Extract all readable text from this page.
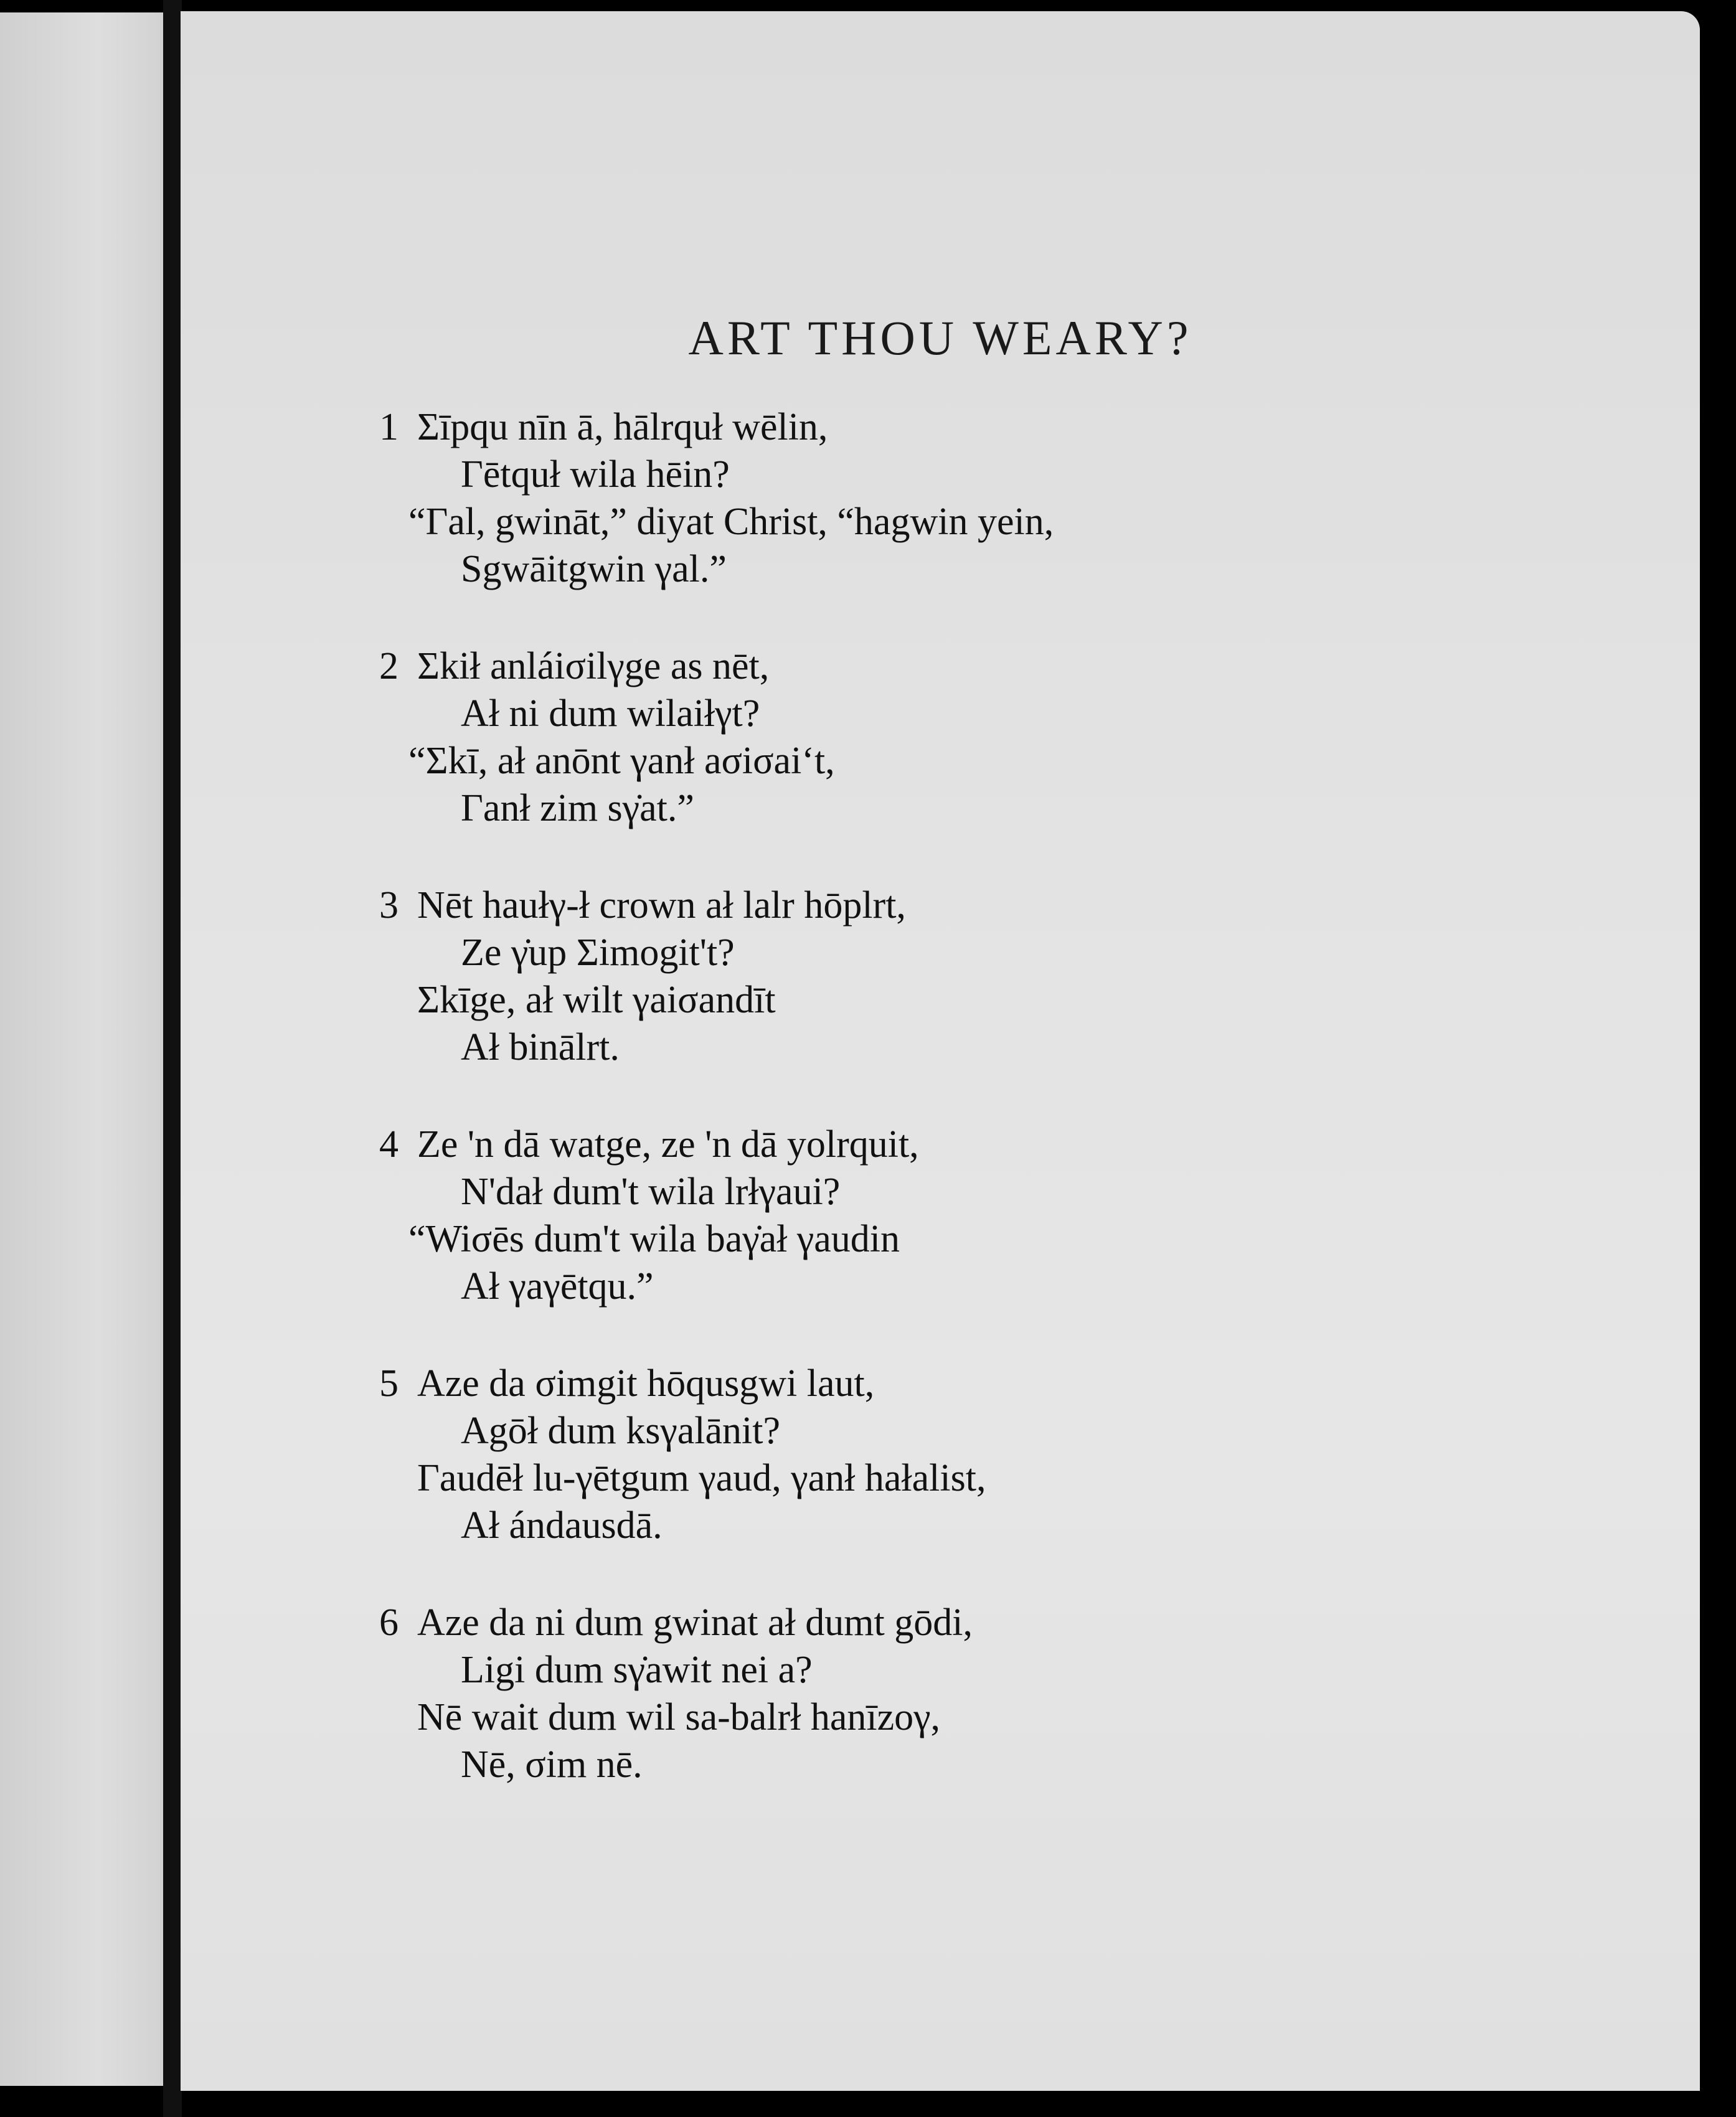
ART THOU WEARY?
1 Σīpqu nīn ā, hālrquł wēlin,
Γētquł wila hēin?
“Γal, gwināt,” diyat Christ, “hagwin yein,
Sgwāitgwin γal.”
2 Σkił anláiσilγge as nēt,
Ał ni dum wilaiłγt?
“Σkī, ał anōnt γanł aσiσai‘t,
Γanł zim sγ̇at.”
3 Nēt haułγ-ł crown ał lalr hōplrt,
Ze γ̇up Σimogit't?
Σkīge, ał wilt γaiσandīt
Ał binālrt.
4 Ze 'n dā watge, ze 'n dā yolrquit,
N'dał dum't wila lrłγaui?
“Wiσēs dum't wila baγ̇ał γaudin
Ał γaγētqu.”
5 Aze da σimgit hōqusgwi laut,
Agōł dum ksγalānit?
Γaudēł lu-γētgum γaud, γanł hałalist,
Ał ándausdā.
6 Aze da ni dum gwinat ał dumt gōdi,
Ligi dum sγ̇awit nei a?
Nē wait dum wil sa-balrł hanīzoγ,
Nē, σim nē.
